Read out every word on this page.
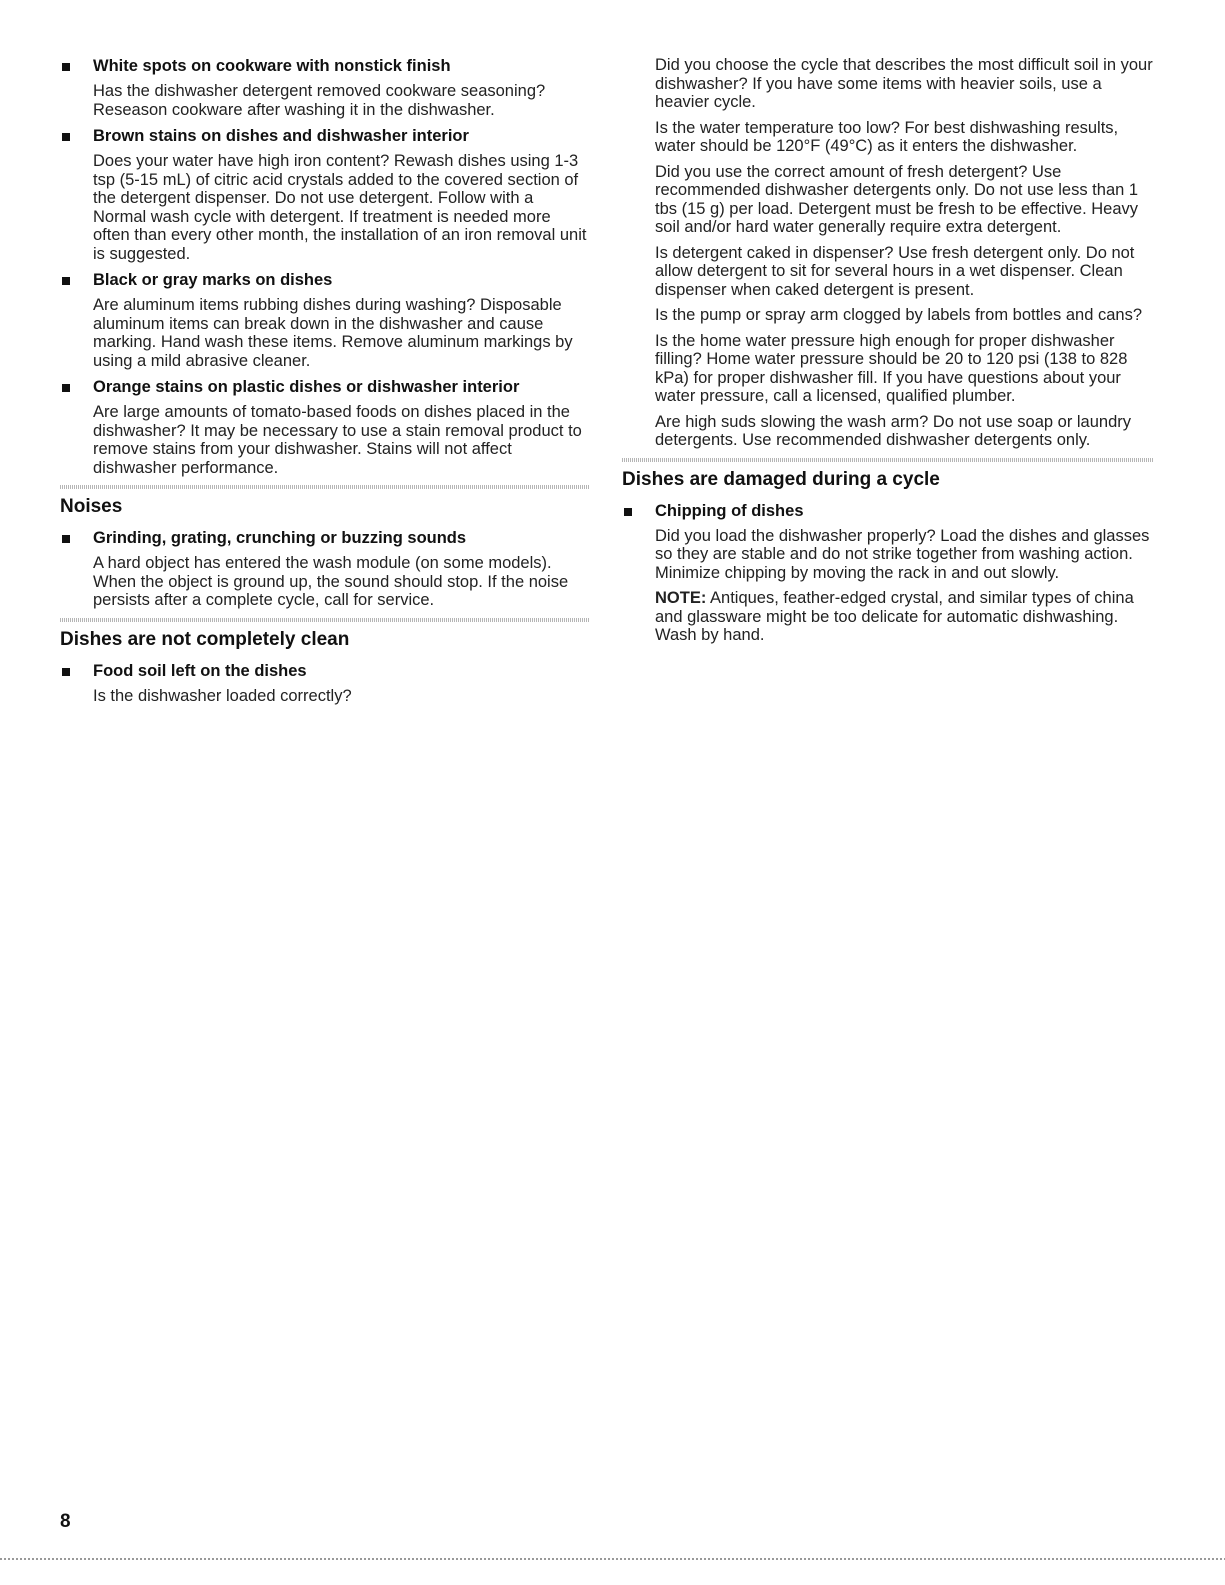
White spots on cookware with nonstick finish

Has the dishwasher detergent removed cookware seasoning? Reseason cookware after washing it in the dishwasher.

Brown stains on dishes and dishwasher interior

Does your water have high iron content? Rewash dishes using 1-3 tsp (5-15 mL) of citric acid crystals added to the covered section of the detergent dispenser. Do not use detergent. Follow with a Normal wash cycle with detergent. If treatment is needed more often than every other month, the installation of an iron removal unit is suggested.

Black or gray marks on dishes

Are aluminum items rubbing dishes during washing? Disposable aluminum items can break down in the dishwasher and cause marking. Hand wash these items. Remove aluminum markings by using a mild abrasive cleaner.

Orange stains on plastic dishes or dishwasher interior

Are large amounts of tomato-based foods on dishes placed in the dishwasher? It may be necessary to use a stain removal product to remove stains from your dishwasher. Stains will not affect dishwasher performance.

Noises
Grinding, grating, crunching or buzzing sounds

A hard object has entered the wash module (on some models). When the object is ground up, the sound should stop. If the noise persists after a complete cycle, call for service.

Dishes are not completely clean
Food soil left on the dishes

Is the dishwasher loaded correctly?

Did you choose the cycle that describes the most difficult soil in your dishwasher? If you have some items with heavier soils, use a heavier cycle.

Is the water temperature too low? For best dishwashing results, water should be 120°F (49°C) as it enters the dishwasher.

Did you use the correct amount of fresh detergent? Use recommended dishwasher detergents only. Do not use less than 1 tbs (15 g) per load. Detergent must be fresh to be effective. Heavy soil and/or hard water generally require extra detergent.

Is detergent caked in dispenser? Use fresh detergent only. Do not allow detergent to sit for several hours in a wet dispenser. Clean dispenser when caked detergent is present.

Is the pump or spray arm clogged by labels from bottles and cans?

Is the home water pressure high enough for proper dishwasher filling? Home water pressure should be 20 to 120 psi (138 to 828 kPa) for proper dishwasher fill. If you have questions about your water pressure, call a licensed, qualified plumber.

Are high suds slowing the wash arm? Do not use soap or laundry detergents. Use recommended dishwasher detergents only.

Dishes are damaged during a cycle
Chipping of dishes

Did you load the dishwasher properly? Load the dishes and glasses so they are stable and do not strike together from washing action. Minimize chipping by moving the rack in and out slowly.

NOTE: Antiques, feather-edged crystal, and similar types of china and glassware might be too delicate for automatic dishwashing. Wash by hand.

8
